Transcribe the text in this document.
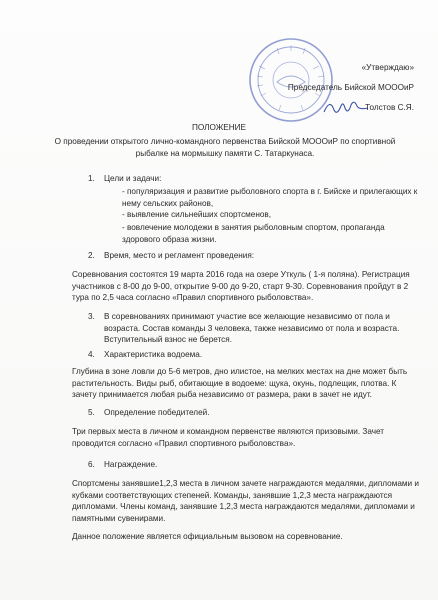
«Утверждаю»
Председатель Бийской МОООиР
Толстов С.Я.
ПОЛОЖЕНИЕ
О проведении открытого лично-командного первенства Бийской МОООиР по спортивной рыбалке на мормышку памяти С. Татаркунаса.
1. Цели и задачи:
- популяризация и развитие рыболовного спорта в г. Бийске и прилегающих к нему сельских районов,
- выявление сильнейших спортсменов,
- вовлечение молодежи в занятия рыболовным спортом, пропаганда здорового образа жизни.
2. Время, место и регламент проведения:
Соревнования состоятся 19 марта 2016 года на озере Уткуль ( 1-я поляна). Регистрация участников с 8-00 до 9-00, открытие 9-00 до 9-20, старт 9-30. Соревнования пройдут в 2 тура по 2,5 часа согласно «Правил спортивного рыболовства».
3. В соревнованиях принимают участие все желающие независимо от пола и возраста. Состав команды 3 человека, также независимо от пола и возраста. Вступительный взнос не берется.
4. Характеристика водоема.
Глубина в зоне ловли до 5-6 метров, дно илистое, на мелких местах на дне может быть растительность. Виды рыб, обитающие в водоеме: щука, окунь, подлещик, плотва. К зачету принимается любая рыба независимо от размера, раки в зачет не идут.
5. Определение победителей.
Три первых места в личном и командном первенстве являются призовыми. Зачет проводится согласно «Правил спортивного рыболовства».
6. Награждение.
Спортсмены занявшие1,2,3 места в личном зачете награждаются медалями, дипломами и кубками соответствующих степеней. Команды, занявшие 1,2,3 места награждаются дипломами. Члены команд, занявшие 1,2,3 места награждаются медалями, дипломами и памятными сувенирами.
Данное положение является официальным вызовом на соревнование.
